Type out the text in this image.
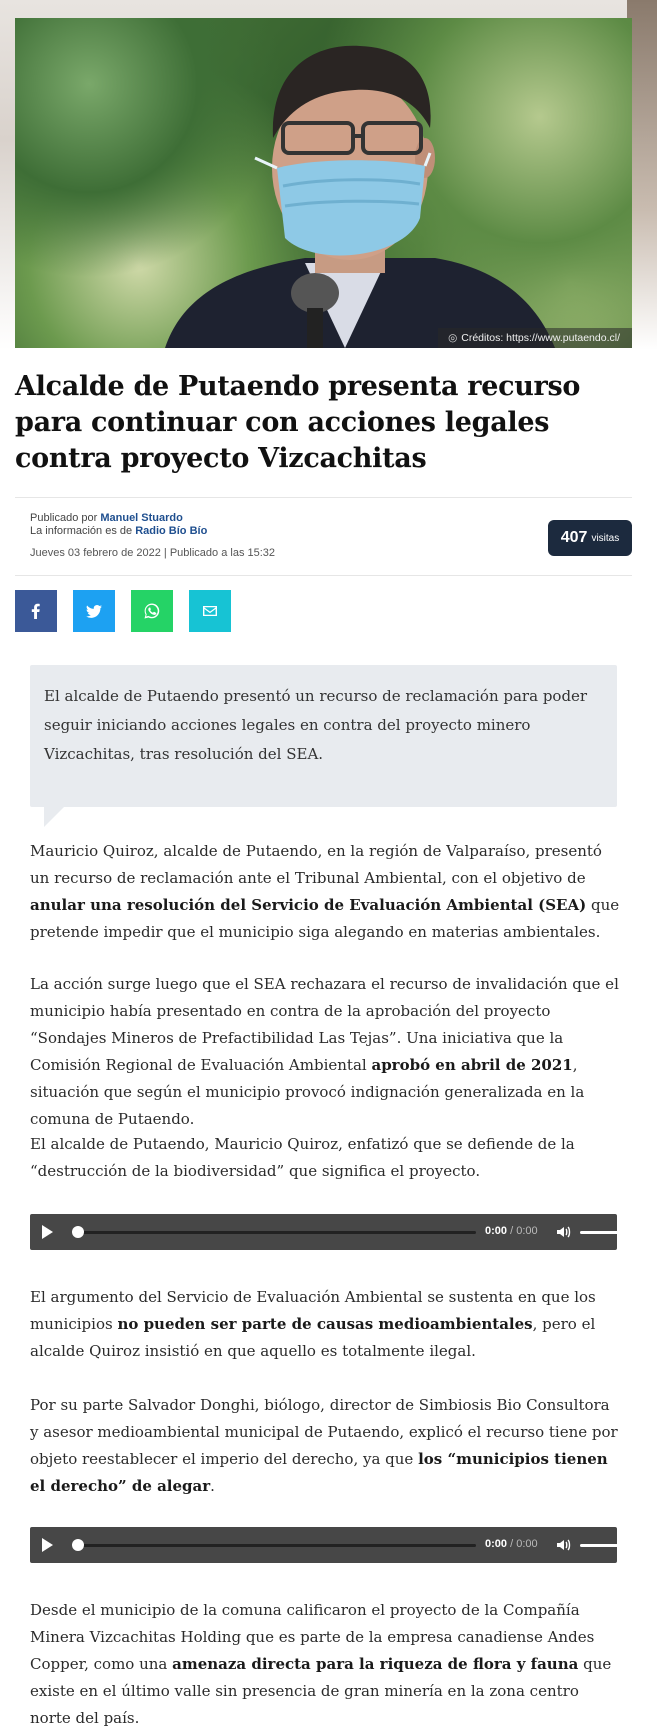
◎ Créditos: https://www.putaendo.cl/
Alcalde de Putaendo presenta recurso para continuar con acciones legales contra proyecto Vizcachitas
Publicado por Manuel Stuardo
La información es de Radio Bío Bío
Jueves 03 febrero de 2022 | Publicado a las 15:32
407 visitas

El alcalde de Putaendo presentó un recurso de reclamación para poder seguir iniciando acciones legales en contra del proyecto minero Vizcachitas, tras resolución del SEA.

Mauricio Quiroz, alcalde de Putaendo, en la región de Valparaíso, presentó un recurso de reclamación ante el Tribunal Ambiental, con el objetivo de anular una resolución del Servicio de Evaluación Ambiental (SEA) que pretende impedir que el municipio siga alegando en materias ambientales.

La acción surge luego que el SEA rechazara el recurso de invalidación que el municipio había presentado en contra de la aprobación del proyecto “Sondajes Mineros de Prefactibilidad Las Tejas”. Una iniciativa que la Comisión Regional de Evaluación Ambiental aprobó en abril de 2021, situación que según el municipio provocó indignación generalizada en la comuna de Putaendo.

El alcalde de Putaendo, Mauricio Quiroz, enfatizó que se defiende de la “destrucción de la biodiversidad” que significa el proyecto.

0:00 / 0:00

El argumento del Servicio de Evaluación Ambiental se sustenta en que los municipios no pueden ser parte de causas medioambientales, pero el alcalde Quiroz insistió en que aquello es totalmente ilegal.

Por su parte Salvador Donghi, biólogo, director de Simbiosis Bio Consultora y asesor medioambiental municipal de Putaendo, explicó el recurso tiene por objeto reestablecer el imperio del derecho, ya que los “municipios tienen el derecho” de alegar.

0:00 / 0:00

Desde el municipio de la comuna calificaron el proyecto de la Compañía Minera Vizcachitas Holding que es parte de la empresa canadiense Andes Copper, como una amenaza directa para la riqueza de flora y fauna que existe en el último valle sin presencia de gran minería en la zona centro norte del país.
